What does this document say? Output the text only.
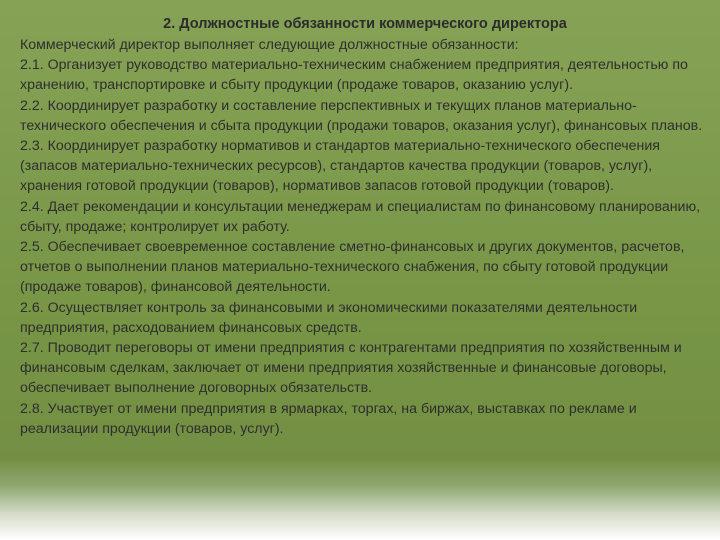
2. Должностные обязанности коммерческого директора

Коммерческий директор выполняет следующие должностные обязанности:

2.1. Организует руководство материально-техническим снабжением предприятия, деятельностью по хранению, транспортировке и сбыту продукции (продаже товаров, оказанию услуг).

2.2. Координирует разработку и составление перспективных и текущих планов материально-технического обеспечения и сбыта продукции (продажи товаров, оказания услуг), финансовых планов.

2.3. Координирует разработку нормативов и стандартов материально-технического обеспечения (запасов материально-технических ресурсов), стандартов качества продукции (товаров, услуг), хранения готовой продукции (товаров), нормативов запасов готовой продукции (товаров).

2.4. Дает рекомендации и консультации менеджерам и специалистам по финансовому планированию, сбыту, продаже; контролирует их работу.

2.5. Обеспечивает своевременное составление сметно-финансовых и других документов, расчетов, отчетов о выполнении планов материально-технического снабжения, по сбыту готовой продукции (продаже товаров), финансовой деятельности.

2.6. Осуществляет контроль за финансовыми и экономическими показателями деятельности предприятия, расходованием финансовых средств.

2.7. Проводит переговоры от имени предприятия с контрагентами предприятия по хозяйственным и финансовым сделкам, заключает от имени предприятия хозяйственные и финансовые договоры, обеспечивает выполнение договорных обязательств.

2.8. Участвует от имени предприятия в ярмарках, торгах, на биржах, выставках по рекламе и реализации продукции (товаров, услуг).
